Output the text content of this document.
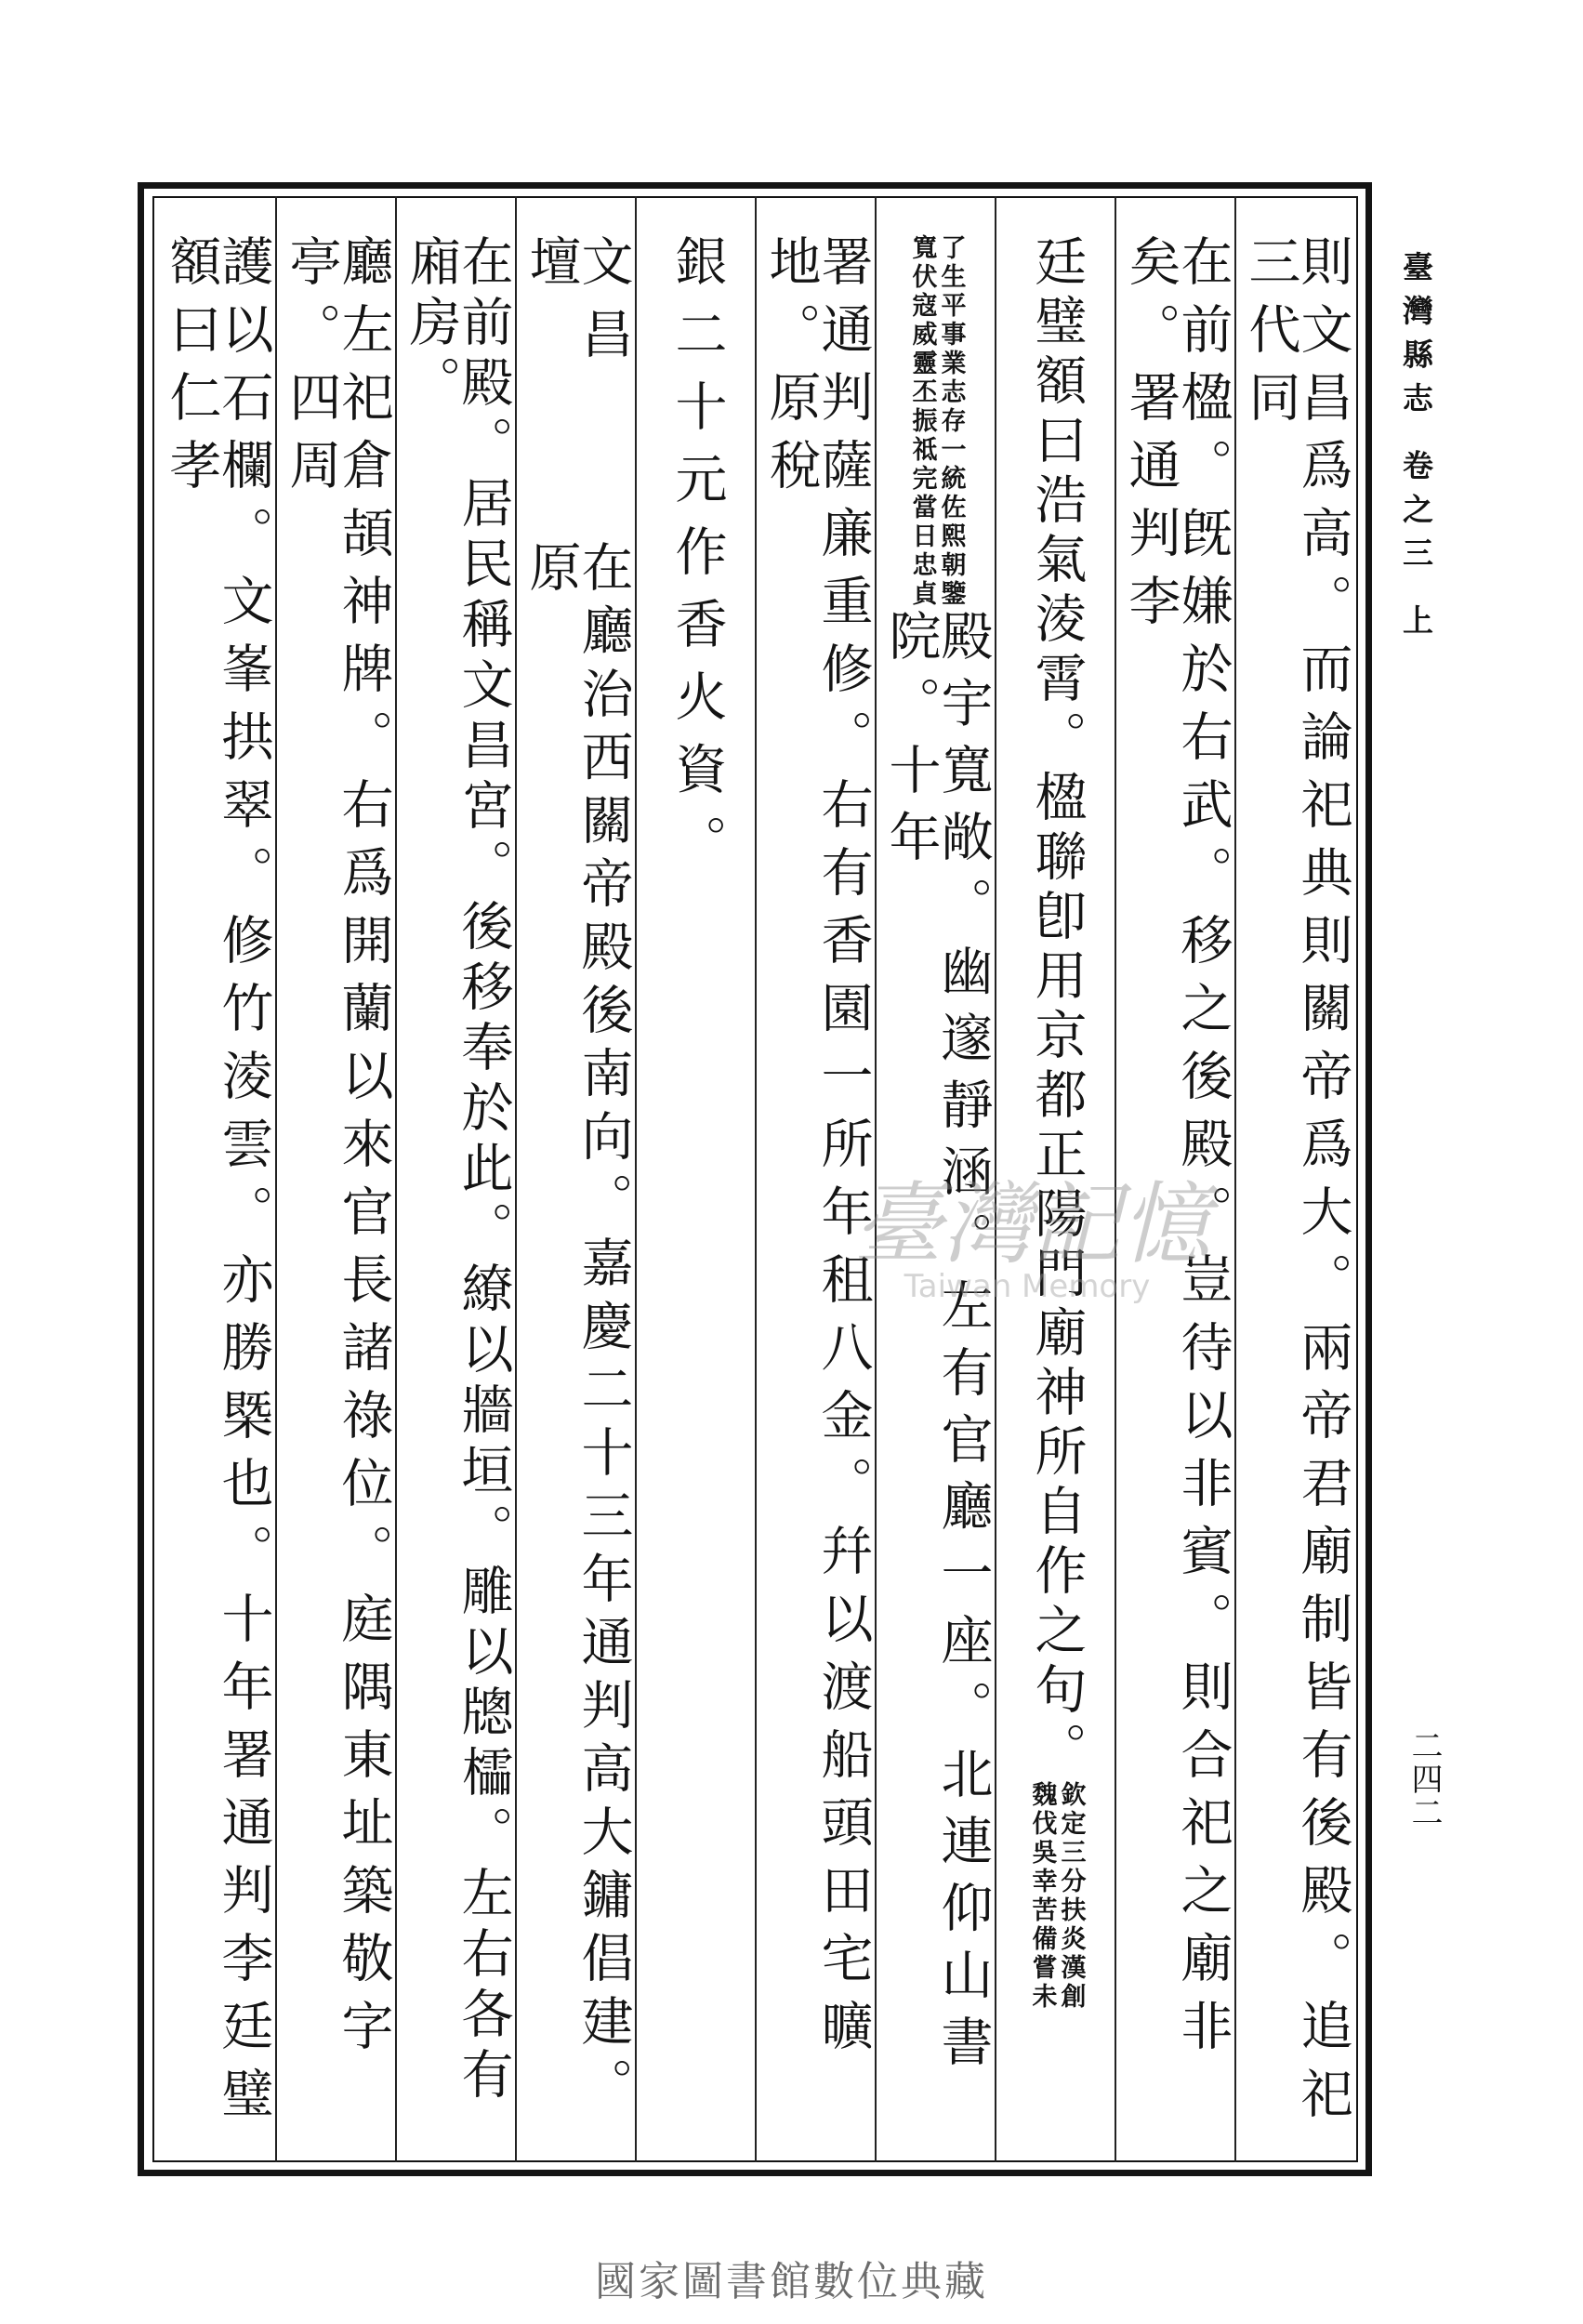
臺灣縣志 卷之三 上
二四二
則文昌爲高。而論祀典則關帝爲大。兩帝君廟制皆有後殿。追祀三代同
在前楹。旣嫌於右武。移之後殿。豈待以非賓。則合祀之廟非矣。署通判李
廷璧額曰浩氣淩霄。楹聯卽用京都正陽門廟神所自作之句。
欽定三分扶炎漢創
魏伐吳幸苦備嘗未
了生平事業志存一統佐熙朝鑒
寬伏寇威靈丕振祗完當日忠貞
殿宇寬敞。幽邃靜涵。左有官廳一座。北連仰山書院。十年
署通判薩廉重修。右有香園一所年租八金。幷以渡船頭田宅曠地。原稅
銀二十元作香火資。
文昌壇
在廳治西關帝殿後南向。嘉慶二十三年通判高大鏞倡建。原
在前殿。居民稱文昌宮。後移奉於此。繚以牆垣。雕以牕櫺。左右各有廂房。
廳左祀倉頡神牌。右爲開蘭以來官長諸祿位。庭隅東址築敬字亭。四周
護以石欄。文峯拱翠。修竹淩雲。亦勝槩也。十年署通判李廷璧額曰仁孝
臺灣記憶
Taiwan Memory
國家圖書館數位典藏
